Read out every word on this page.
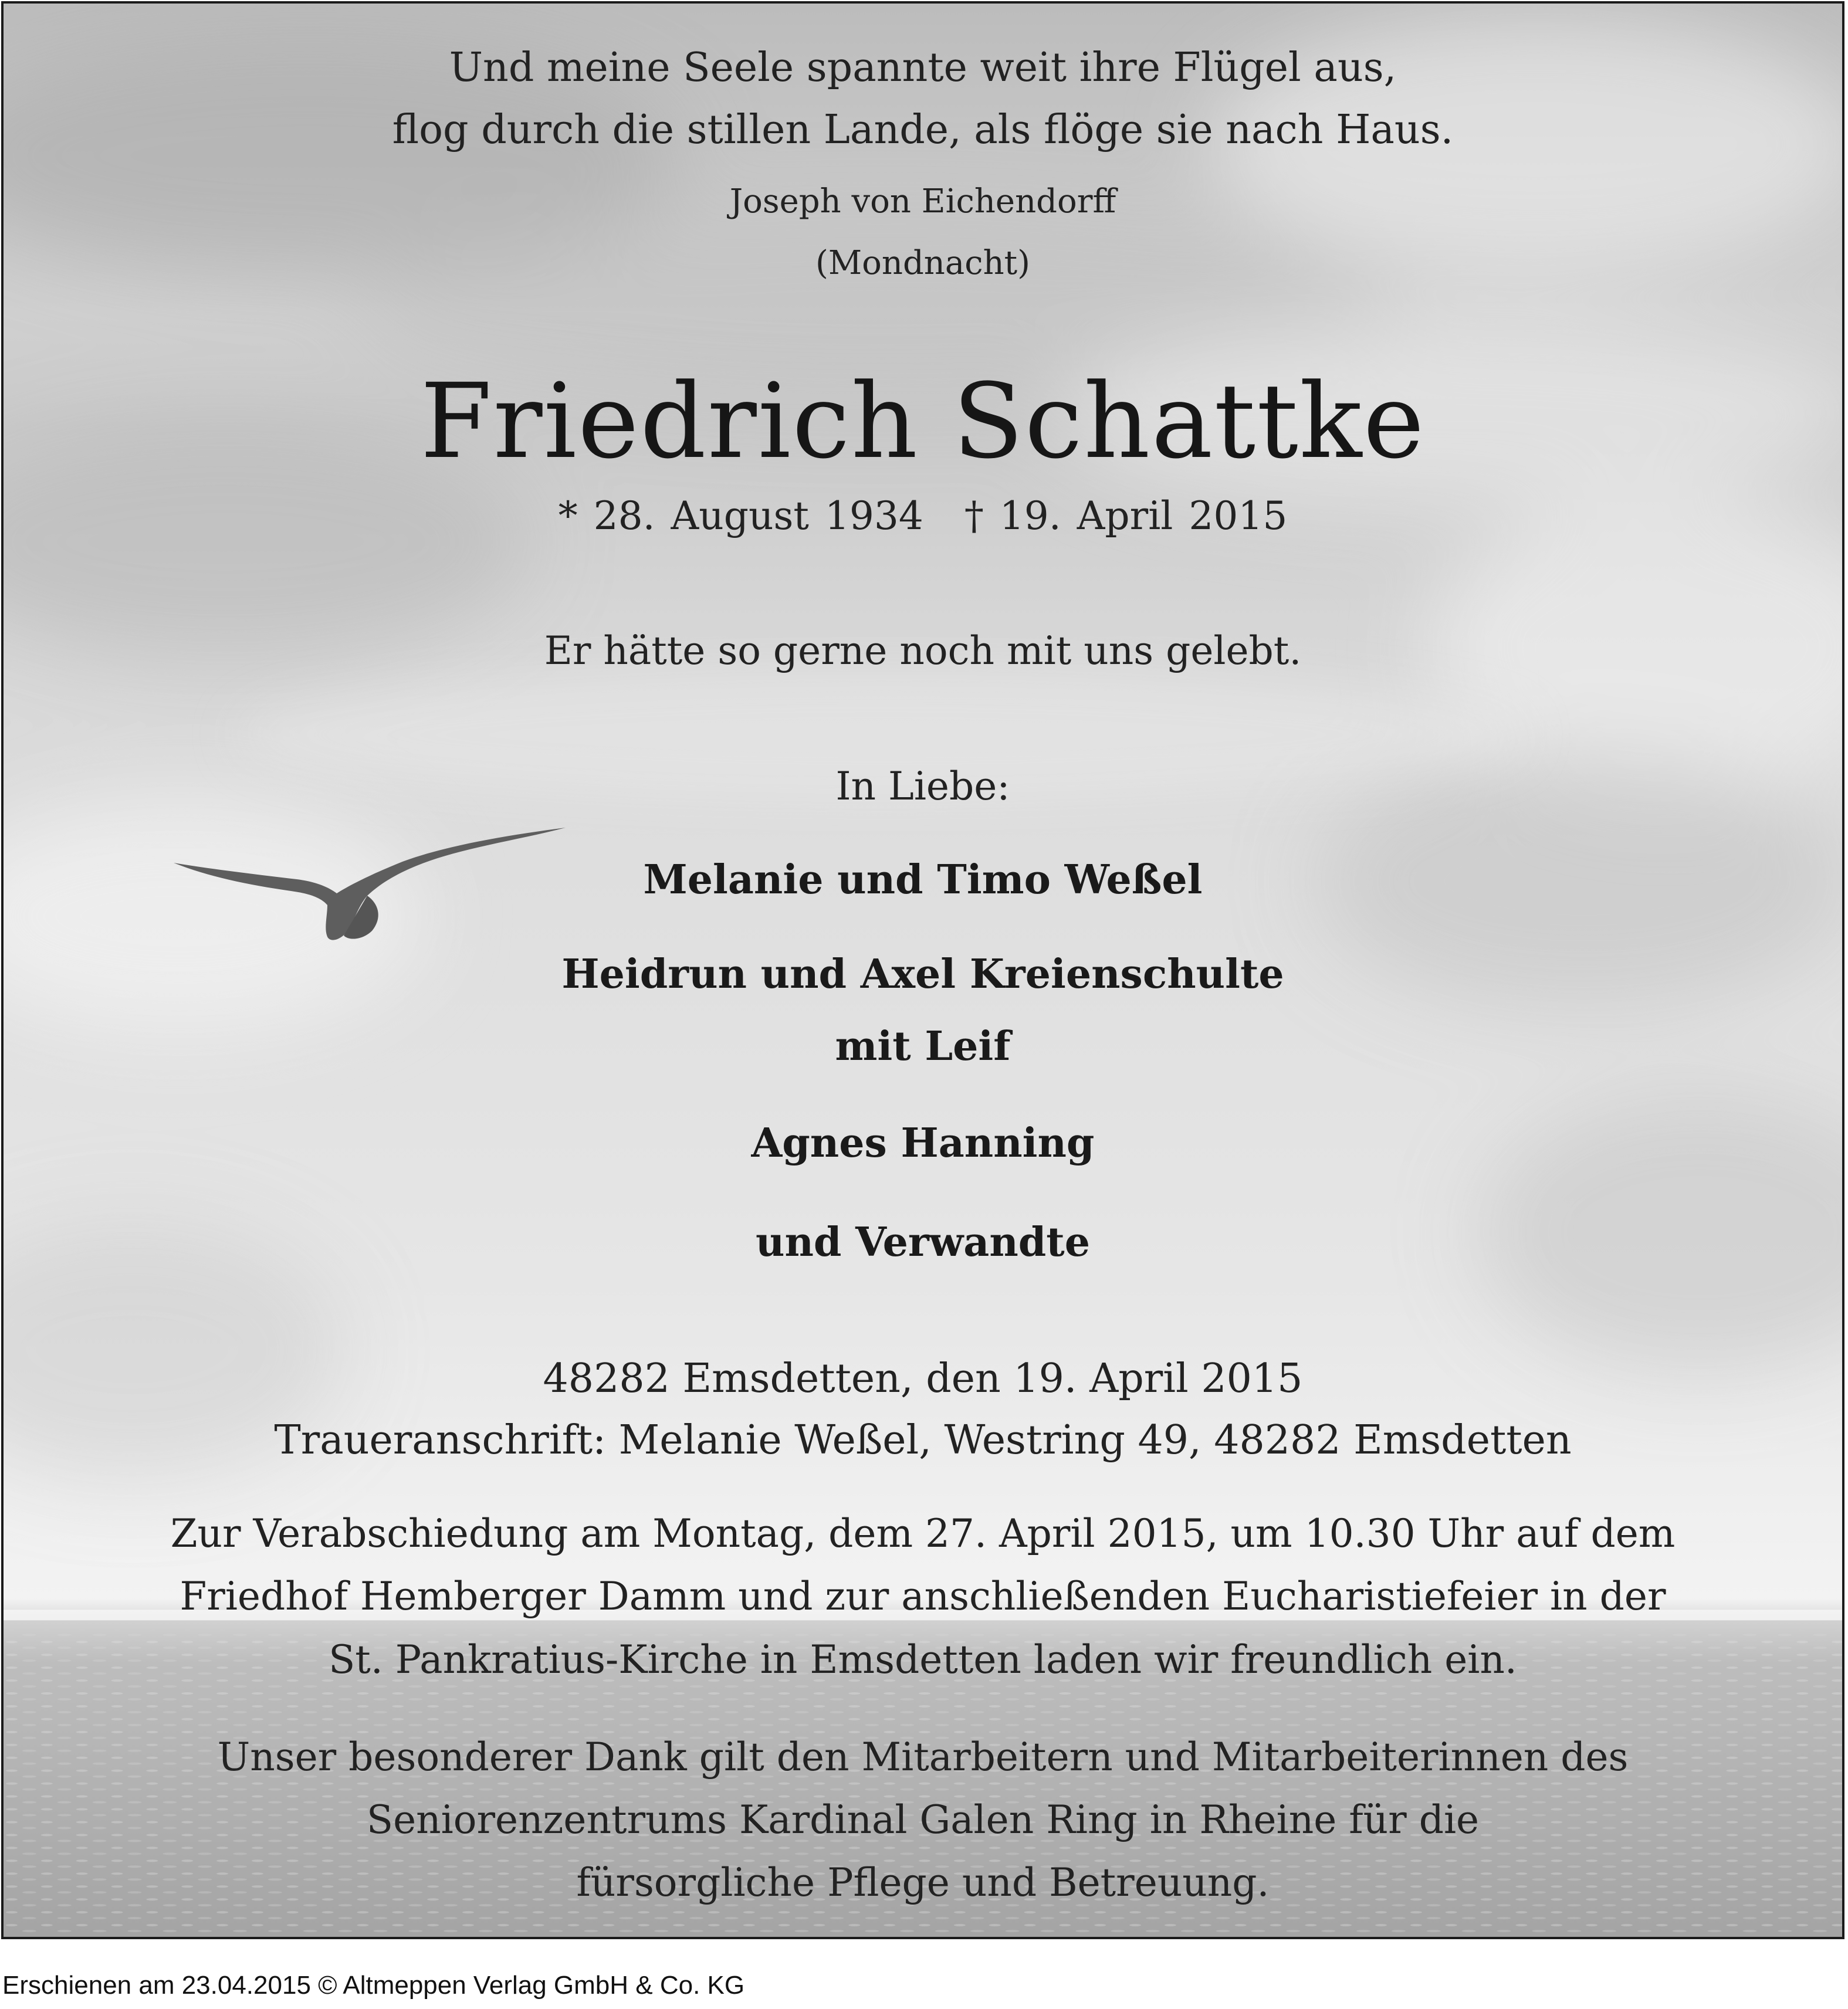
Und meine Seele spannte weit ihre Flügel aus,
flog durch die stillen Lande, als flöge sie nach Haus.
Joseph von Eichendorff
(Mondnacht)
Friedrich Schattke
* 28. August 1934 † 19. April 2015
Er hätte so gerne noch mit uns gelebt.
In Liebe:
Melanie und Timo Weßel
Heidrun und Axel Kreienschulte
mit Leif
Agnes Hanning
und Verwandte
48282 Emsdetten, den 19. April 2015
Traueranschrift: Melanie Weßel, Westring 49, 48282 Emsdetten
Zur Verabschiedung am Montag, dem 27. April 2015, um 10.30 Uhr auf dem
Friedhof Hemberger Damm und zur anschließenden Eucharistiefeier in der
St. Pankratius-Kirche in Emsdetten laden wir freundlich ein.
Unser besonderer Dank gilt den Mitarbeitern und Mitarbeiterinnen des
Seniorenzentrums Kardinal Galen Ring in Rheine für die
fürsorgliche Pflege und Betreuung.
Erschienen am 23.04.2015 © Altmeppen Verlag GmbH & Co. KG
